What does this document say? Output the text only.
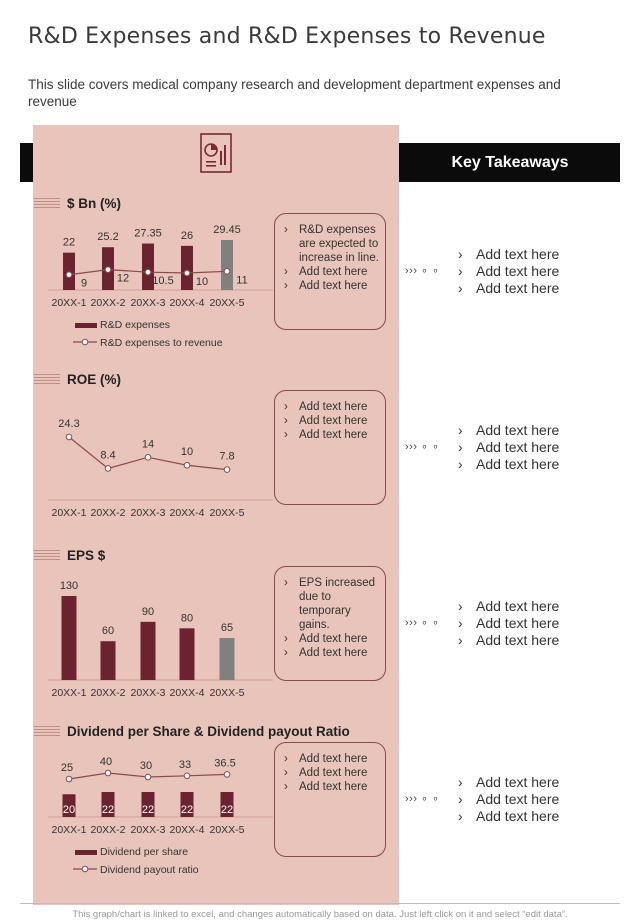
R&D Expenses and R&D Expenses to Revenue
This slide covers medical company research and development department expenses and revenue
Key Takeaways
$ Bn (%)
20XX-1 20XX-2 20XX-3 20XX-4 20XX-5
22 25.2 27.35 26 29.45
9	12 10.5 10	11
R&D expenses
R&D expenses to revenue
› R&D expenses are expected to increase in line.
› Add text here
› Add text here
››› ∘ ∘
› Add text here
› Add text here
› Add text here
ROE (%)
24.3
8.4
14
10 7.8
20XX-1 20XX-2 20XX-3 20XX-4 20XX-5
› Add text here
› Add text here
› Add text here
››› ∘ ∘
› Add text here
› Add text here
› Add text here
EPS $
20XX-1 20XX-2 20XX-3 20XX-4 20XX-5
130
60
90
80
65
› EPS increased due to temporary gains.
› Add text here
› Add text here
››› ∘ ∘
› Add text here
› Add text here
› Add text here
Dividend per Share & Dividend payout Ratio
20XX-1 20XX-2 20XX-3 20XX-4 20XX-5
20 22	22 22	22
25 40	30 33 36.5
Dividend per share
Dividend payout ratio
› Add text here
› Add text here
› Add text here
››› ∘ ∘
› Add text here
› Add text here
› Add text here
This graph/chart is linked to excel, and changes automatically based on data. Just left click on it and select “edit data”.
